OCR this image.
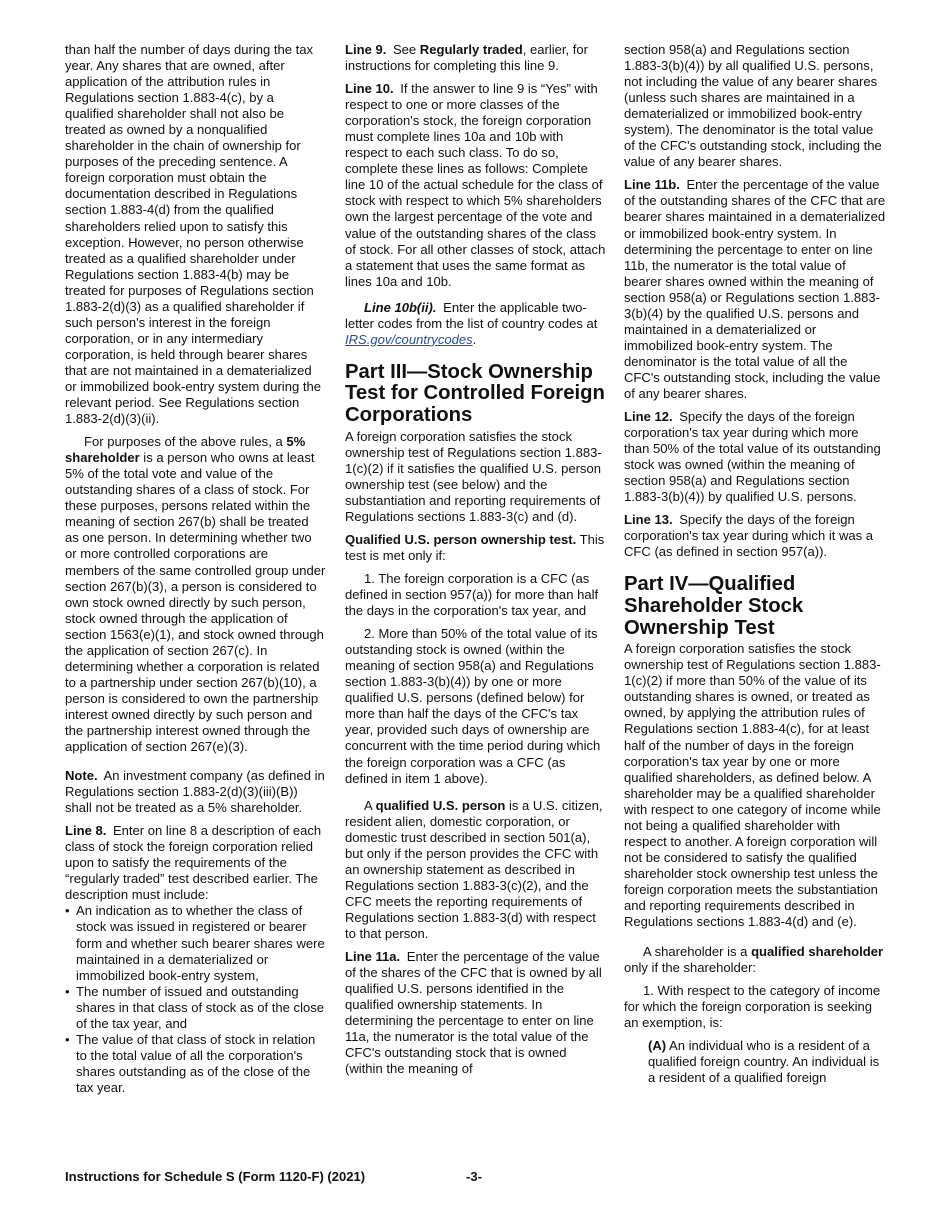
than half the number of days during the tax year. Any shares that are owned, after application of the attribution rules in Regulations section 1.883-4(c), by a qualified shareholder shall not also be treated as owned by a nonqualified shareholder in the chain of ownership for purposes of the preceding sentence. A foreign corporation must obtain the documentation described in Regulations section 1.883-4(d) from the qualified shareholders relied upon to satisfy this exception. However, no person otherwise treated as a qualified shareholder under Regulations section 1.883-4(b) may be treated for purposes of Regulations section 1.883-2(d)(3) as a qualified shareholder if such person's interest in the foreign corporation, or in any intermediary corporation, is held through bearer shares that are not maintained in a dematerialized or immobilized book-entry system during the relevant period. See Regulations section 1.883-2(d)(3)(ii).

For purposes of the above rules, a 5% shareholder is a person who owns at least 5% of the total vote and value of the outstanding shares of a class of stock. For these purposes, persons related within the meaning of section 267(b) shall be treated as one person. In determining whether two or more controlled corporations are members of the same controlled group under section 267(b)(3), a person is considered to own stock owned directly by such person, stock owned through the application of section 1563(e)(1), and stock owned through the application of section 267(c). In determining whether a corporation is related to a partnership under section 267(b)(10), a person is considered to own the partnership interest owned directly by such person and the partnership interest owned through the application of section 267(e)(3).

Note. An investment company (as defined in Regulations section 1.883-2(d)(3)(iii)(B)) shall not be treated as a 5% shareholder.

Line 8. Enter on line 8 a description of each class of stock the foreign corporation relied upon to satisfy the requirements of the “regularly traded” test described earlier. The description must include:

• An indication as to whether the class of stock was issued in registered or bearer form and whether such bearer shares were maintained in a dematerialized or immobilized book-entry system,
• The number of issued and outstanding shares in that class of stock as of the close of the tax year, and
• The value of that class of stock in relation to the total value of all the corporation's shares outstanding as of the close of the tax year.

Line 9. See Regularly traded, earlier, for instructions for completing this line 9.

Line 10. If the answer to line 9 is “Yes” with respect to one or more classes of the corporation's stock, the foreign corporation must complete lines 10a and 10b with respect to each such class. To do so, complete these lines as follows: Complete line 10 of the actual schedule for the class of stock with respect to which 5% shareholders own the largest percentage of the vote and value of the outstanding shares of the class of stock. For all other classes of stock, attach a statement that uses the same format as lines 10a and 10b.

Line 10b(ii). Enter the applicable two-letter codes from the list of country codes at IRS.gov/countrycodes.

Part III—Stock Ownership Test for Controlled Foreign Corporations

A foreign corporation satisfies the stock ownership test of Regulations section 1.883-1(c)(2) if it satisfies the qualified U.S. person ownership test (see below) and the substantiation and reporting requirements of Regulations sections 1.883-3(c) and (d).

Qualified U.S. person ownership test. This test is met only if:

1. The foreign corporation is a CFC (as defined in section 957(a)) for more than half the days in the corporation's tax year, and

2. More than 50% of the total value of its outstanding stock is owned (within the meaning of section 958(a) and Regulations section 1.883-3(b)(4)) by one or more qualified U.S. persons (defined below) for more than half the days of the CFC's tax year, provided such days of ownership are concurrent with the time period during which the foreign corporation was a CFC (as defined in item 1 above).

A qualified U.S. person is a U.S. citizen, resident alien, domestic corporation, or domestic trust described in section 501(a), but only if the person provides the CFC with an ownership statement as described in Regulations section 1.883-3(c)(2), and the CFC meets the reporting requirements of Regulations section 1.883-3(d) with respect to that person.

Line 11a. Enter the percentage of the value of the shares of the CFC that is owned by all qualified U.S. persons identified in the qualified ownership statements. In determining the percentage to enter on line 11a, the numerator is the total value of the CFC's outstanding stock that is owned (within the meaning of

section 958(a) and Regulations section 1.883-3(b)(4)) by all qualified U.S. persons, not including the value of any bearer shares (unless such shares are maintained in a dematerialized or immobilized book-entry system). The denominator is the total value of the CFC's outstanding stock, including the value of any bearer shares.

Line 11b. Enter the percentage of the value of the outstanding shares of the CFC that are bearer shares maintained in a dematerialized or immobilized book-entry system. In determining the percentage to enter on line 11b, the numerator is the total value of bearer shares owned within the meaning of section 958(a) or Regulations section 1.883-3(b)(4) by the qualified U.S. persons and maintained in a dematerialized or immobilized book-entry system. The denominator is the total value of all the CFC's outstanding stock, including the value of any bearer shares.

Line 12. Specify the days of the foreign corporation's tax year during which more than 50% of the total value of its outstanding stock was owned (within the meaning of section 958(a) and Regulations section 1.883-3(b)(4)) by qualified U.S. persons.

Line 13. Specify the days of the foreign corporation's tax year during which it was a CFC (as defined in section 957(a)).

Part IV—Qualified Shareholder Stock Ownership Test

A foreign corporation satisfies the stock ownership test of Regulations section 1.883-1(c)(2) if more than 50% of the value of its outstanding shares is owned, or treated as owned, by applying the attribution rules of Regulations section 1.883-4(c), for at least half of the number of days in the foreign corporation's tax year by one or more qualified shareholders, as defined below. A shareholder may be a qualified shareholder with respect to one category of income while not being a qualified shareholder with respect to another. A foreign corporation will not be considered to satisfy the qualified shareholder stock ownership test unless the foreign corporation meets the substantiation and reporting requirements described in Regulations sections 1.883-4(d) and (e).

A shareholder is a qualified shareholder only if the shareholder:

1. With respect to the category of income for which the foreign corporation is seeking an exemption, is:

(A) An individual who is a resident of a qualified foreign country. An individual is a resident of a qualified foreign

Instructions for Schedule S (Form 1120-F) (2021)	-3-
